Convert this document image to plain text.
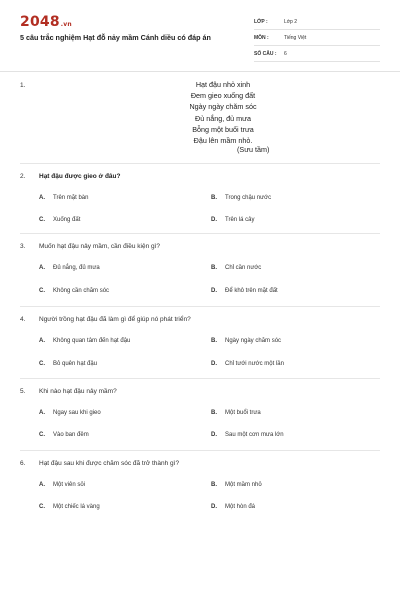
2048.vn
5 câu trắc nghiệm Hạt đỗ nảy mầm Cánh diều có đáp án
LỚP :	Lớp 2
MÔN :	Tiếng Việt
SỐ CÂU :	6
1.	Hạt đậu nhỏ xinh
Đem gieo xuống đất
Ngày ngày chăm sóc
Đủ nắng, đủ mưa
Bỗng một buổi trưa
Đậu lên mầm nhỏ.
(Sưu tầm)
2. Hạt đậu được gieo ở đâu?
A. Trên mặt bàn	B. Trong chậu nước
C. Xuống đất	D. Trên lá cây
3. Muốn hạt đậu nảy mầm, cần điều kiện gì?
A. Đủ nắng, đủ mưa	B. Chỉ cần nước
C. Không cần chăm sóc	D. Để khô trên mặt đất
4. Người trồng hạt đậu đã làm gì để giúp nó phát triển?
A. Không quan tâm đến hạt đậu	B. Ngày ngày chăm sóc
C. Bỏ quên hạt đậu	D. Chỉ tưới nước một lần
5. Khi nào hạt đậu nảy mầm?
A. Ngay sau khi gieo	B. Một buổi trưa
C. Vào ban đêm	D. Sau một cơn mưa lớn
6. Hạt đậu sau khi được chăm sóc đã trở thành gì?
A. Một viên sỏi	B. Một mầm nhỏ
C. Một chiếc lá vàng	D. Một hòn đá
